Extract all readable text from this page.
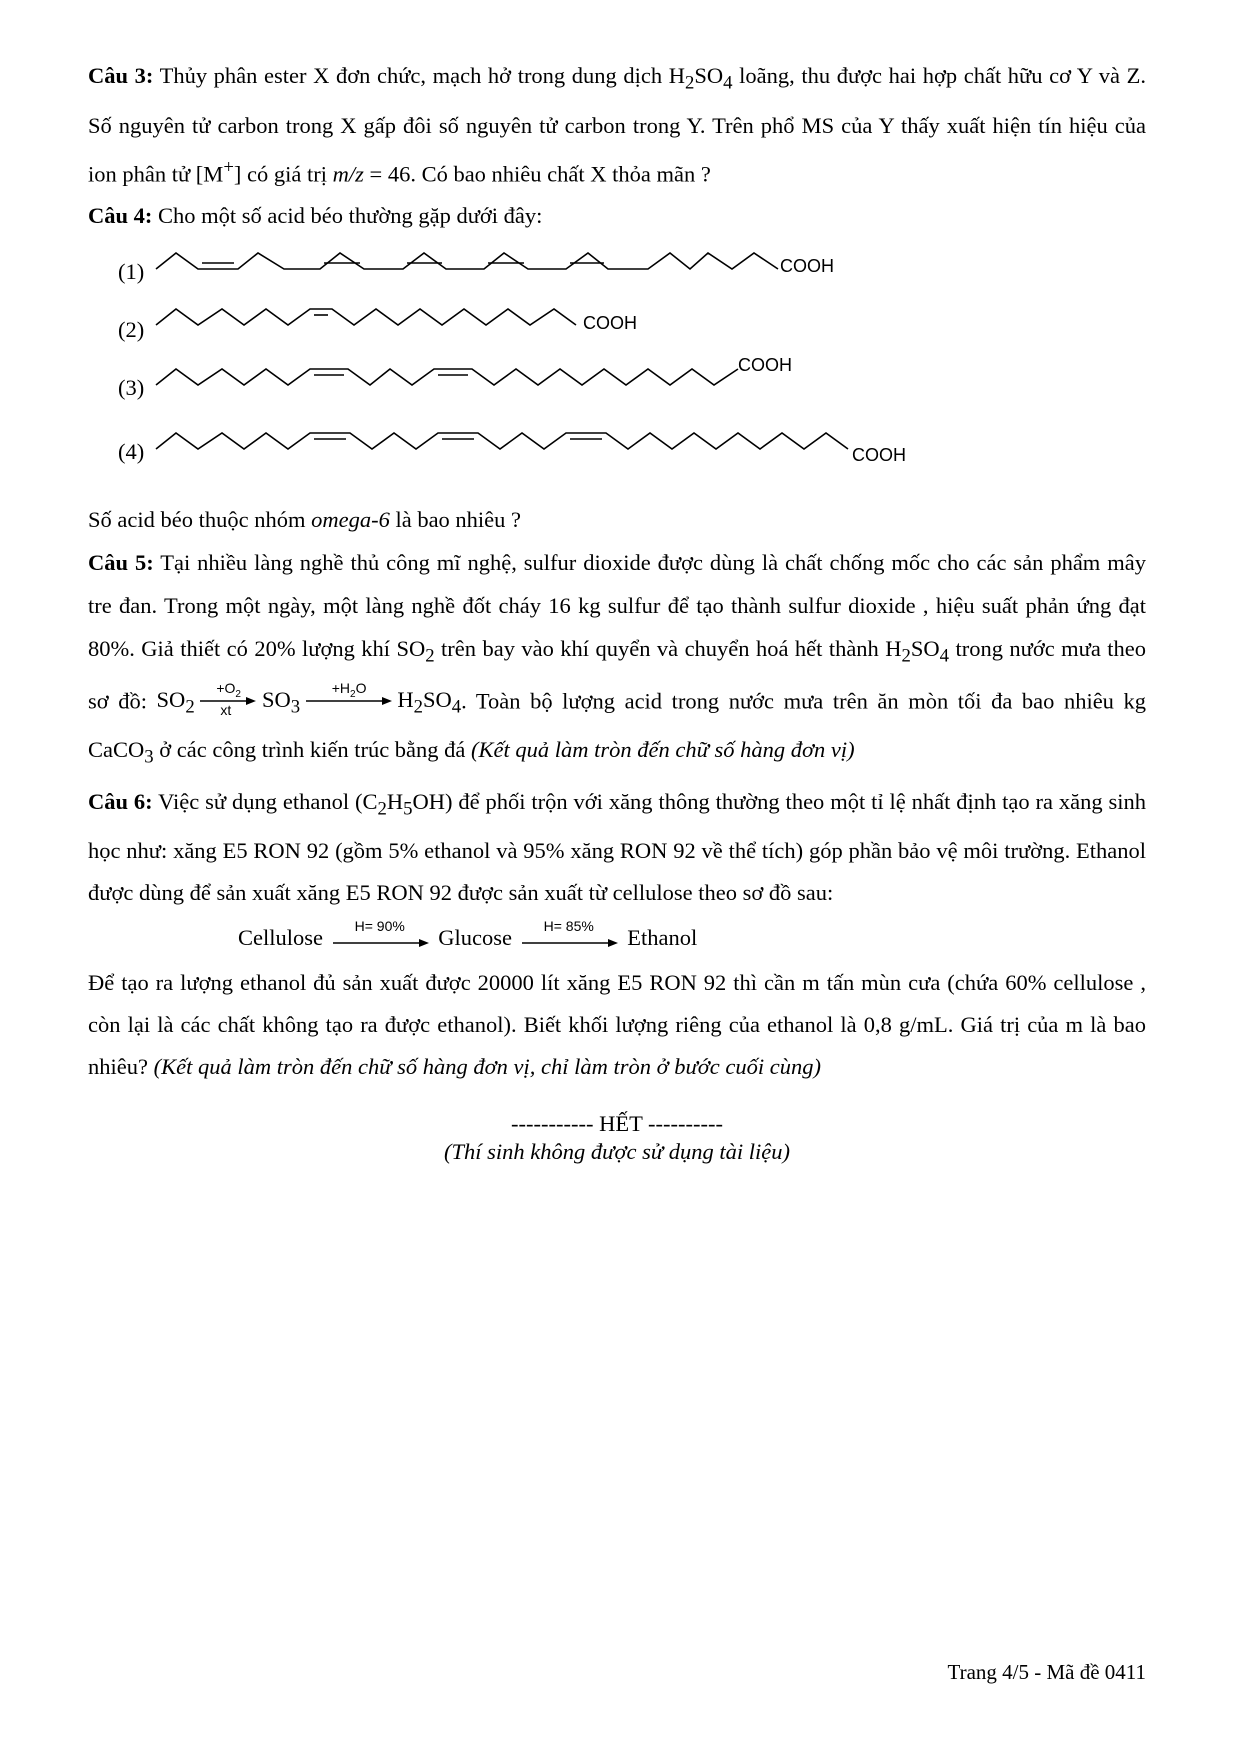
Câu 3: Thủy phân ester X đơn chức, mạch hở trong dung dịch $H_2SO_4$ loãng, thu được hai hợp chất hữu cơ Y và Z. Số nguyên tử carbon trong X gấp đôi số nguyên tử carbon trong Y. Trên phổ MS của Y thấy xuất hiện tín hiệu của ion phân tử [M+] có giá trị m/z = 46. Có bao nhiêu chất X thỏa mãn ?

Câu 4: Cho một số acid béo thường gặp dưới đây:

(1)	COOH
(2)	COOH
(3)
COOH
(4)	COOH

Số acid béo thuộc nhóm omega-6 là bao nhiêu ?

Câu 5: Tại nhiều làng nghề thủ công mĩ nghệ, sulfur dioxide được dùng là chất chống mốc cho các sản phẩm mây tre đan. Trong một ngày, một làng nghề đốt cháy 16 kg sulfur để tạo thành sulfur dioxide , hiệu suất phản ứng đạt 80%. Giả thiết có 20% lượng khí $SO_2$ trên bay vào khí quyển và chuyển hoá hết thành $H_2SO_4$ trong nước mưa theo sơ đồ: $SO_2$
$+O_2$
xt $SO_3$
$+H_2O$ $H_2SO_4$. Toàn bộ lượng acid trong nước mưa trên ăn mòn tối đa bao nhiêu kg CaCO$_3$ ở các công trình kiến trúc bằng đá (Kết quả làm tròn đến chữ số hàng đơn vị)

Câu 6: Việc sử dụng ethanol $(C_2H_5OH)$ để phối trộn với xăng thông thường theo một tỉ lệ nhất định tạo ra xăng sinh học như: xăng E5 RON 92 (gồm 5% ethanol và 95% xăng RON 92 về thể tích) góp phần bảo vệ môi trường. Ethanol được dùng để sản xuất xăng E5 RON 92 được sản xuất từ cellulose theo sơ đồ sau:

Cellulose H= 90% Glucose H= 85% Ethanol

Để tạo ra lượng ethanol đủ sản xuất được 20000 lít xăng E5 RON 92 thì cần m tấn mùn cưa (chứa 60% cellulose , còn lại là các chất không tạo ra được ethanol). Biết khối lượng riêng của ethanol là 0,8 g/mL. Giá trị của m là bao nhiêu? (Kết quả làm tròn đến chữ số hàng đơn vị, chỉ làm tròn ở bước cuối cùng)

----------- HẾT ----------
(Thí sinh không được sử dụng tài liệu)
Trang 4/5 - Mã đề 0411
